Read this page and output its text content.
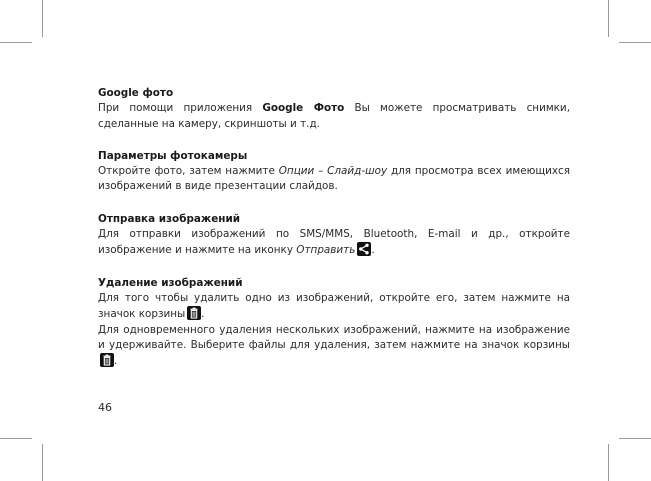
Google фото

При помощи приложения Google Фото Вы можете просматривать снимки, сделанные на камеру, скриншоты и т.д.

Параметры фотокамеры

Откройте фото, затем нажмите Опции – Слайд-шоу для просмотра всех имеющихся изображений в виде презентации слайдов.

Отправка изображений

Для отправки изображений по SMS/MMS, Bluetooth, E-mail и др., откройте изображение и нажмите на иконку Отправить .

Удаление изображений

Для того чтобы удалить одно из изображений, откройте его, затем нажмите на значок корзины .

Для одновременного удаления нескольких изображений, нажмите на изображение и удерживайте. Выберите файлы для удаления, затем нажмите на значок корзины
.

46
